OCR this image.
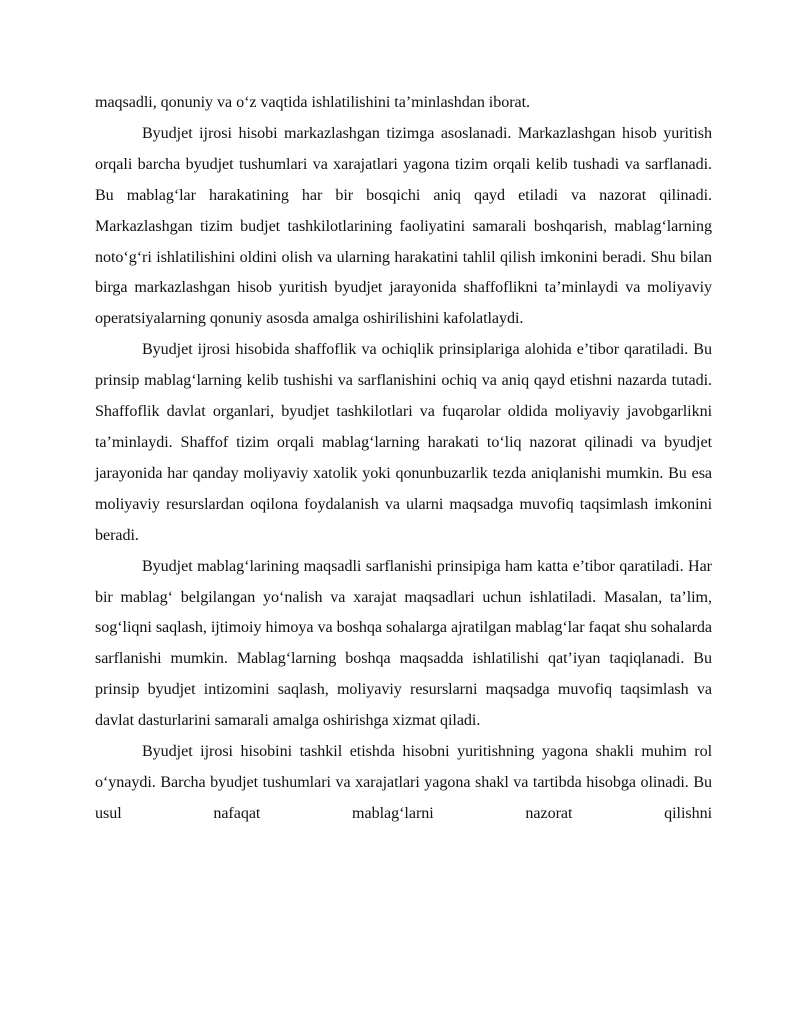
maqsadli, qonuniy va o‘z vaqtida ishlatilishini ta’minlashdan iborat.

Byudjet ijrosi hisobi markazlashgan tizimga asoslanadi. Markazlashgan hisob yuritish orqali barcha byudjet tushumlari va xarajatlari yagona tizim orqali kelib tushadi va sarflanadi. Bu mablag‘lar harakatining har bir bosqichi aniq qayd etiladi va nazorat qilinadi. Markazlashgan tizim budjet tashkilotlarining faoliyatini samarali boshqarish, mablag‘larning noto‘g‘ri ishlatilishini oldini olish va ularning harakatini tahlil qilish imkonini beradi. Shu bilan birga markazlashgan hisob yuritish byudjet jarayonida shaffoflikni ta’minlaydi va moliyaviy operatsiyalarning qonuniy asosda amalga oshirilishini kafolatlaydi.

Byudjet ijrosi hisobida shaffoflik va ochiqlik prinsiplariga alohida e’tibor qaratiladi. Bu prinsip mablag‘larning kelib tushishi va sarflanishini ochiq va aniq qayd etishni nazarda tutadi. Shaffoflik davlat organlari, byudjet tashkilotlari va fuqarolar oldida moliyaviy javobgarlikni ta’minlaydi. Shaffof tizim orqali mablag‘larning harakati to‘liq nazorat qilinadi va byudjet jarayonida har qanday moliyaviy xatolik yoki qonunbuzarlik tezda aniqlanishi mumkin. Bu esa moliyaviy resurslardan oqilona foydalanish va ularni maqsadga muvofiq taqsimlash imkonini beradi.

Byudjet mablag‘larining maqsadli sarflanishi prinsipiga ham katta e’tibor qaratiladi. Har bir mablag‘ belgilangan yo‘nalish va xarajat maqsadlari uchun ishlatiladi. Masalan, ta’lim, sog‘liqni saqlash, ijtimoiy himoya va boshqa sohalarga ajratilgan mablag‘lar faqat shu sohalarda sarflanishi mumkin. Mablag‘larning boshqa maqsadda ishlatilishi qat’iyan taqiqlanadi. Bu prinsip byudjet intizomini saqlash, moliyaviy resurslarni maqsadga muvofiq taqsimlash va davlat dasturlarini samarali amalga oshirishga xizmat qiladi.

Byudjet ijrosi hisobini tashkil etishda hisobni yuritishning yagona shakli muhim rol o‘ynaydi. Barcha byudjet tushumlari va xarajatlari yagona shakl va tartibda hisobga olinadi. Bu usul nafaqat mablag‘larni nazorat qilishni
